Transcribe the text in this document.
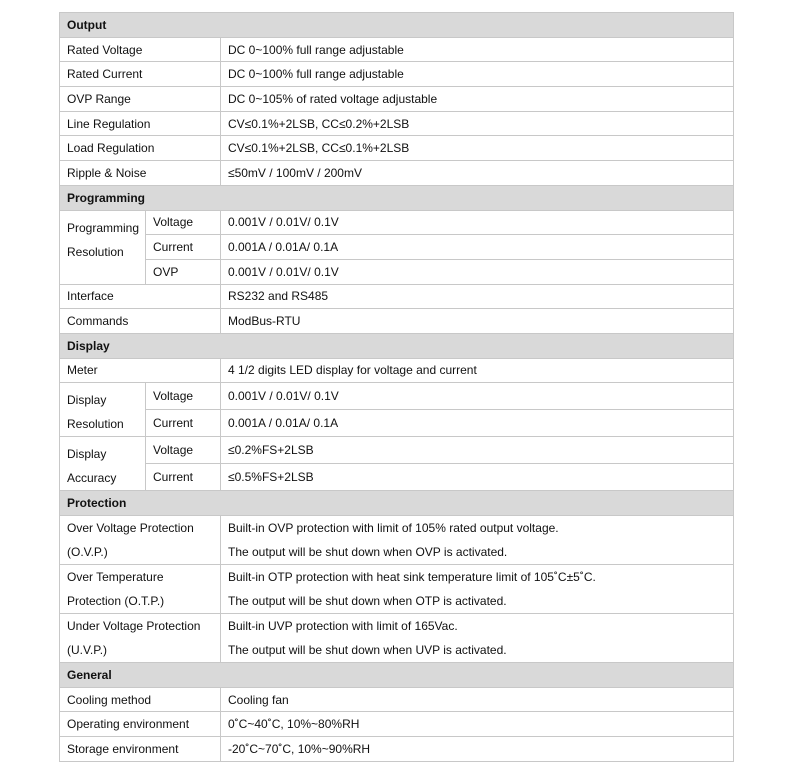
Output		
Rated Voltage		DC 0~100% full range adjustable
Rated Current		DC 0~100% full range adjustable
OVP Range		DC 0~105% of rated voltage adjustable
Line Regulation		CV≤0.1%+2LSB, CC≤0.2%+2LSB
Load Regulation		CV≤0.1%+2LSB, CC≤0.1%+2LSB
Ripple & Noise		≤50mV / 100mV / 200mV
Programming		

Programming
Resolution	Voltage	0.001V / 0.01V/ 0.1V
	Current	0.001A / 0.01A/ 0.1A
	OVP	0.001V / 0.01V/ 0.1V
Interface		RS232 and RS485
Commands		ModBus-RTU
Display		
Meter		4 1/2 digits LED display for voltage and current

Display
Resolution	Voltage	0.001V / 0.01V/ 0.1V
	Current	0.001A / 0.01A/ 0.1A

Display
Accuracy	Voltage	≤0.2%FS+2LSB
	Current	≤0.5%FS+2LSB
Protection		

Over Voltage Protection
(O.V.P.)		Built-in OVP protection with limit of 105% rated output voltage.
The output will be shut down when OVP is activated.

Over Temperature
Protection (O.T.P.)		Built-in OTP protection with heat sink temperature limit of 105˚C±5˚C.
The output will be shut down when OTP is activated.

Under Voltage Protection
(U.V.P.)		Built-in UVP protection with limit of 165Vac.
The output will be shut down when UVP is activated.

General		
Cooling method		Cooling fan
Operating environment		0˚C~40˚C, 10%~80%RH
Storage environment		-20˚C~70˚C, 10%~90%RH
